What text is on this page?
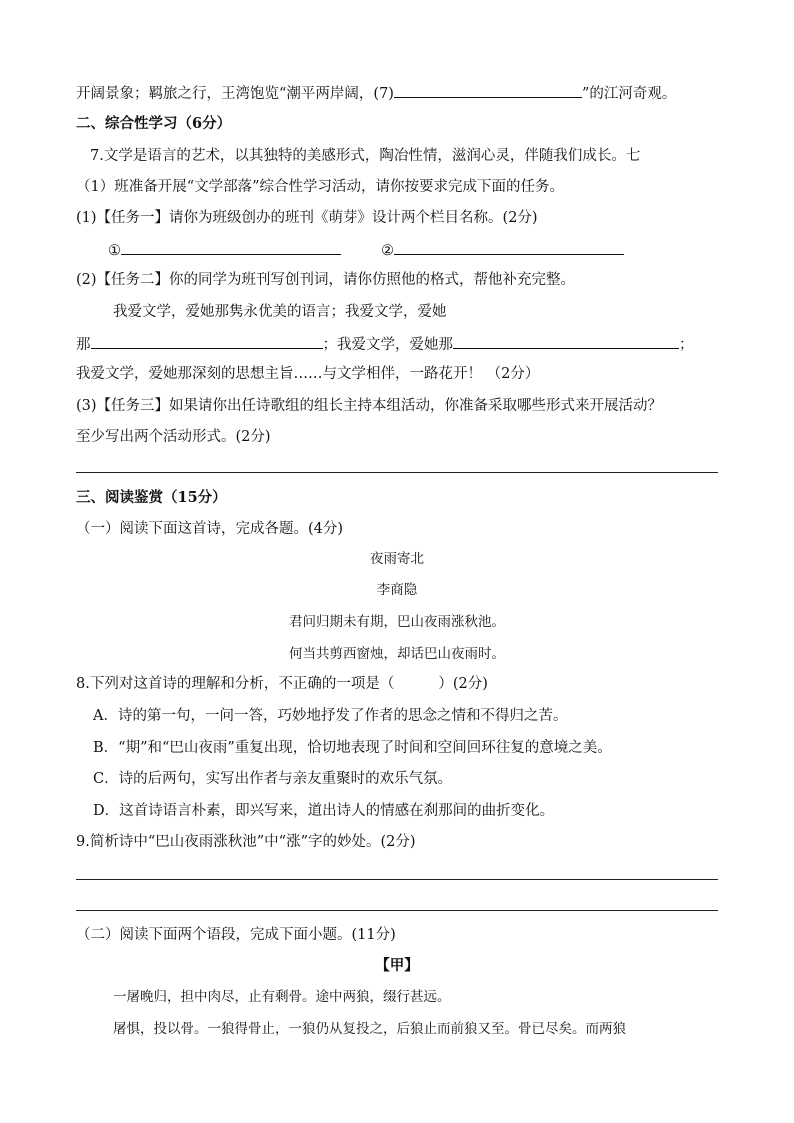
开阔景象；羁旅之行，王湾饱览“潮平两岸阔，(7)	”的江河奇观。
二、综合性学习（6分）
7.文学是语言的艺术，以其独特的美感形式，陶冶性情，滋润心灵，伴随我们成长。七
（1）班准备开展“文学部落”综合性学习活动，请你按要求完成下面的任务。
(1)【任务一】请你为班级创办的班刊《萌芽》设计两个栏目名称。(2分)
①	②
(2)【任务二】你的同学为班刊写创刊词，请你仿照他的格式，帮他补充完整。
我爱文学，爱她那隽永优美的语言；我爱文学，爱她
那	；我爱文学，爱她那	；
我爱文学，爱她那深刻的思想主旨……与文学相伴，一路花开！ （2分）
(3)【任务三】如果请你出任诗歌组的组长主持本组活动，你准备采取哪些形式来开展活动？
至少写出两个活动形式。(2分)
三、阅读鉴赏（15分）
（一）阅读下面这首诗，完成各题。(4分)
夜雨寄北
李商隐
君问归期未有期，巴山夜雨涨秋池。
何当共剪西窗烛，却话巴山夜雨时。
8.下列对这首诗的理解和分析，不正确的一项是（	）(2分)
A．诗的第一句，一问一答，巧妙地抒发了作者的思念之情和不得归之苦。
B．“期”和“巴山夜雨”重复出现，恰切地表现了时间和空间回环往复的意境之美。
C．诗的后两句，实写出作者与亲友重聚时的欢乐气氛。
D．这首诗语言朴素，即兴写来，道出诗人的情感在刹那间的曲折变化。
9.简析诗中“巴山夜雨涨秋池”中“涨”字的妙处。(2分)
（二）阅读下面两个语段，完成下面小题。(11分)
【甲】
一屠晚归，担中肉尽，止有剩骨。途中两狼，缀行甚远。
屠惧，投以骨。一狼得骨止，一狼仍从复投之，后狼止而前狼又至。骨已尽矣。而两狼
